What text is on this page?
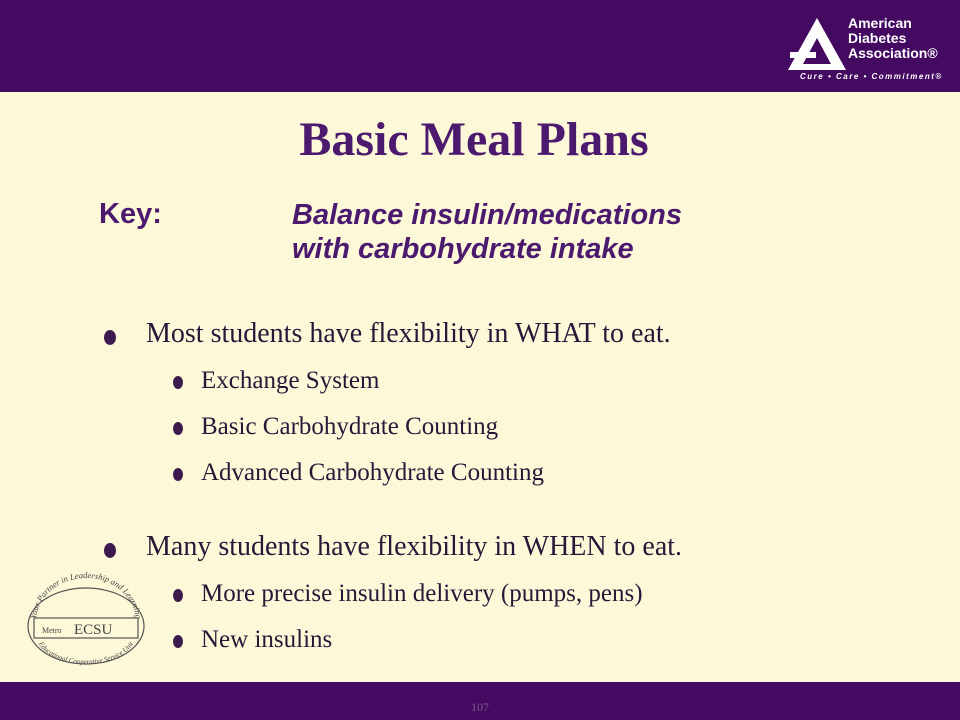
American
Diabetes
Association®
Cure • Care • Commitment®
Basic Meal Plans
Key:	Balance insulin/medications
with carbohydrate intake
Most students have flexibility in WHAT to eat.
Exchange System
Basic Carbohydrate Counting
Advanced Carbohydrate Counting
Many students have flexibility in WHEN to eat.
More precise insulin delivery (pumps, pens)
New insulins
Your Partner in Leadership and Learning
Metro ECSU
Educational Cooperative Service Unit
107
